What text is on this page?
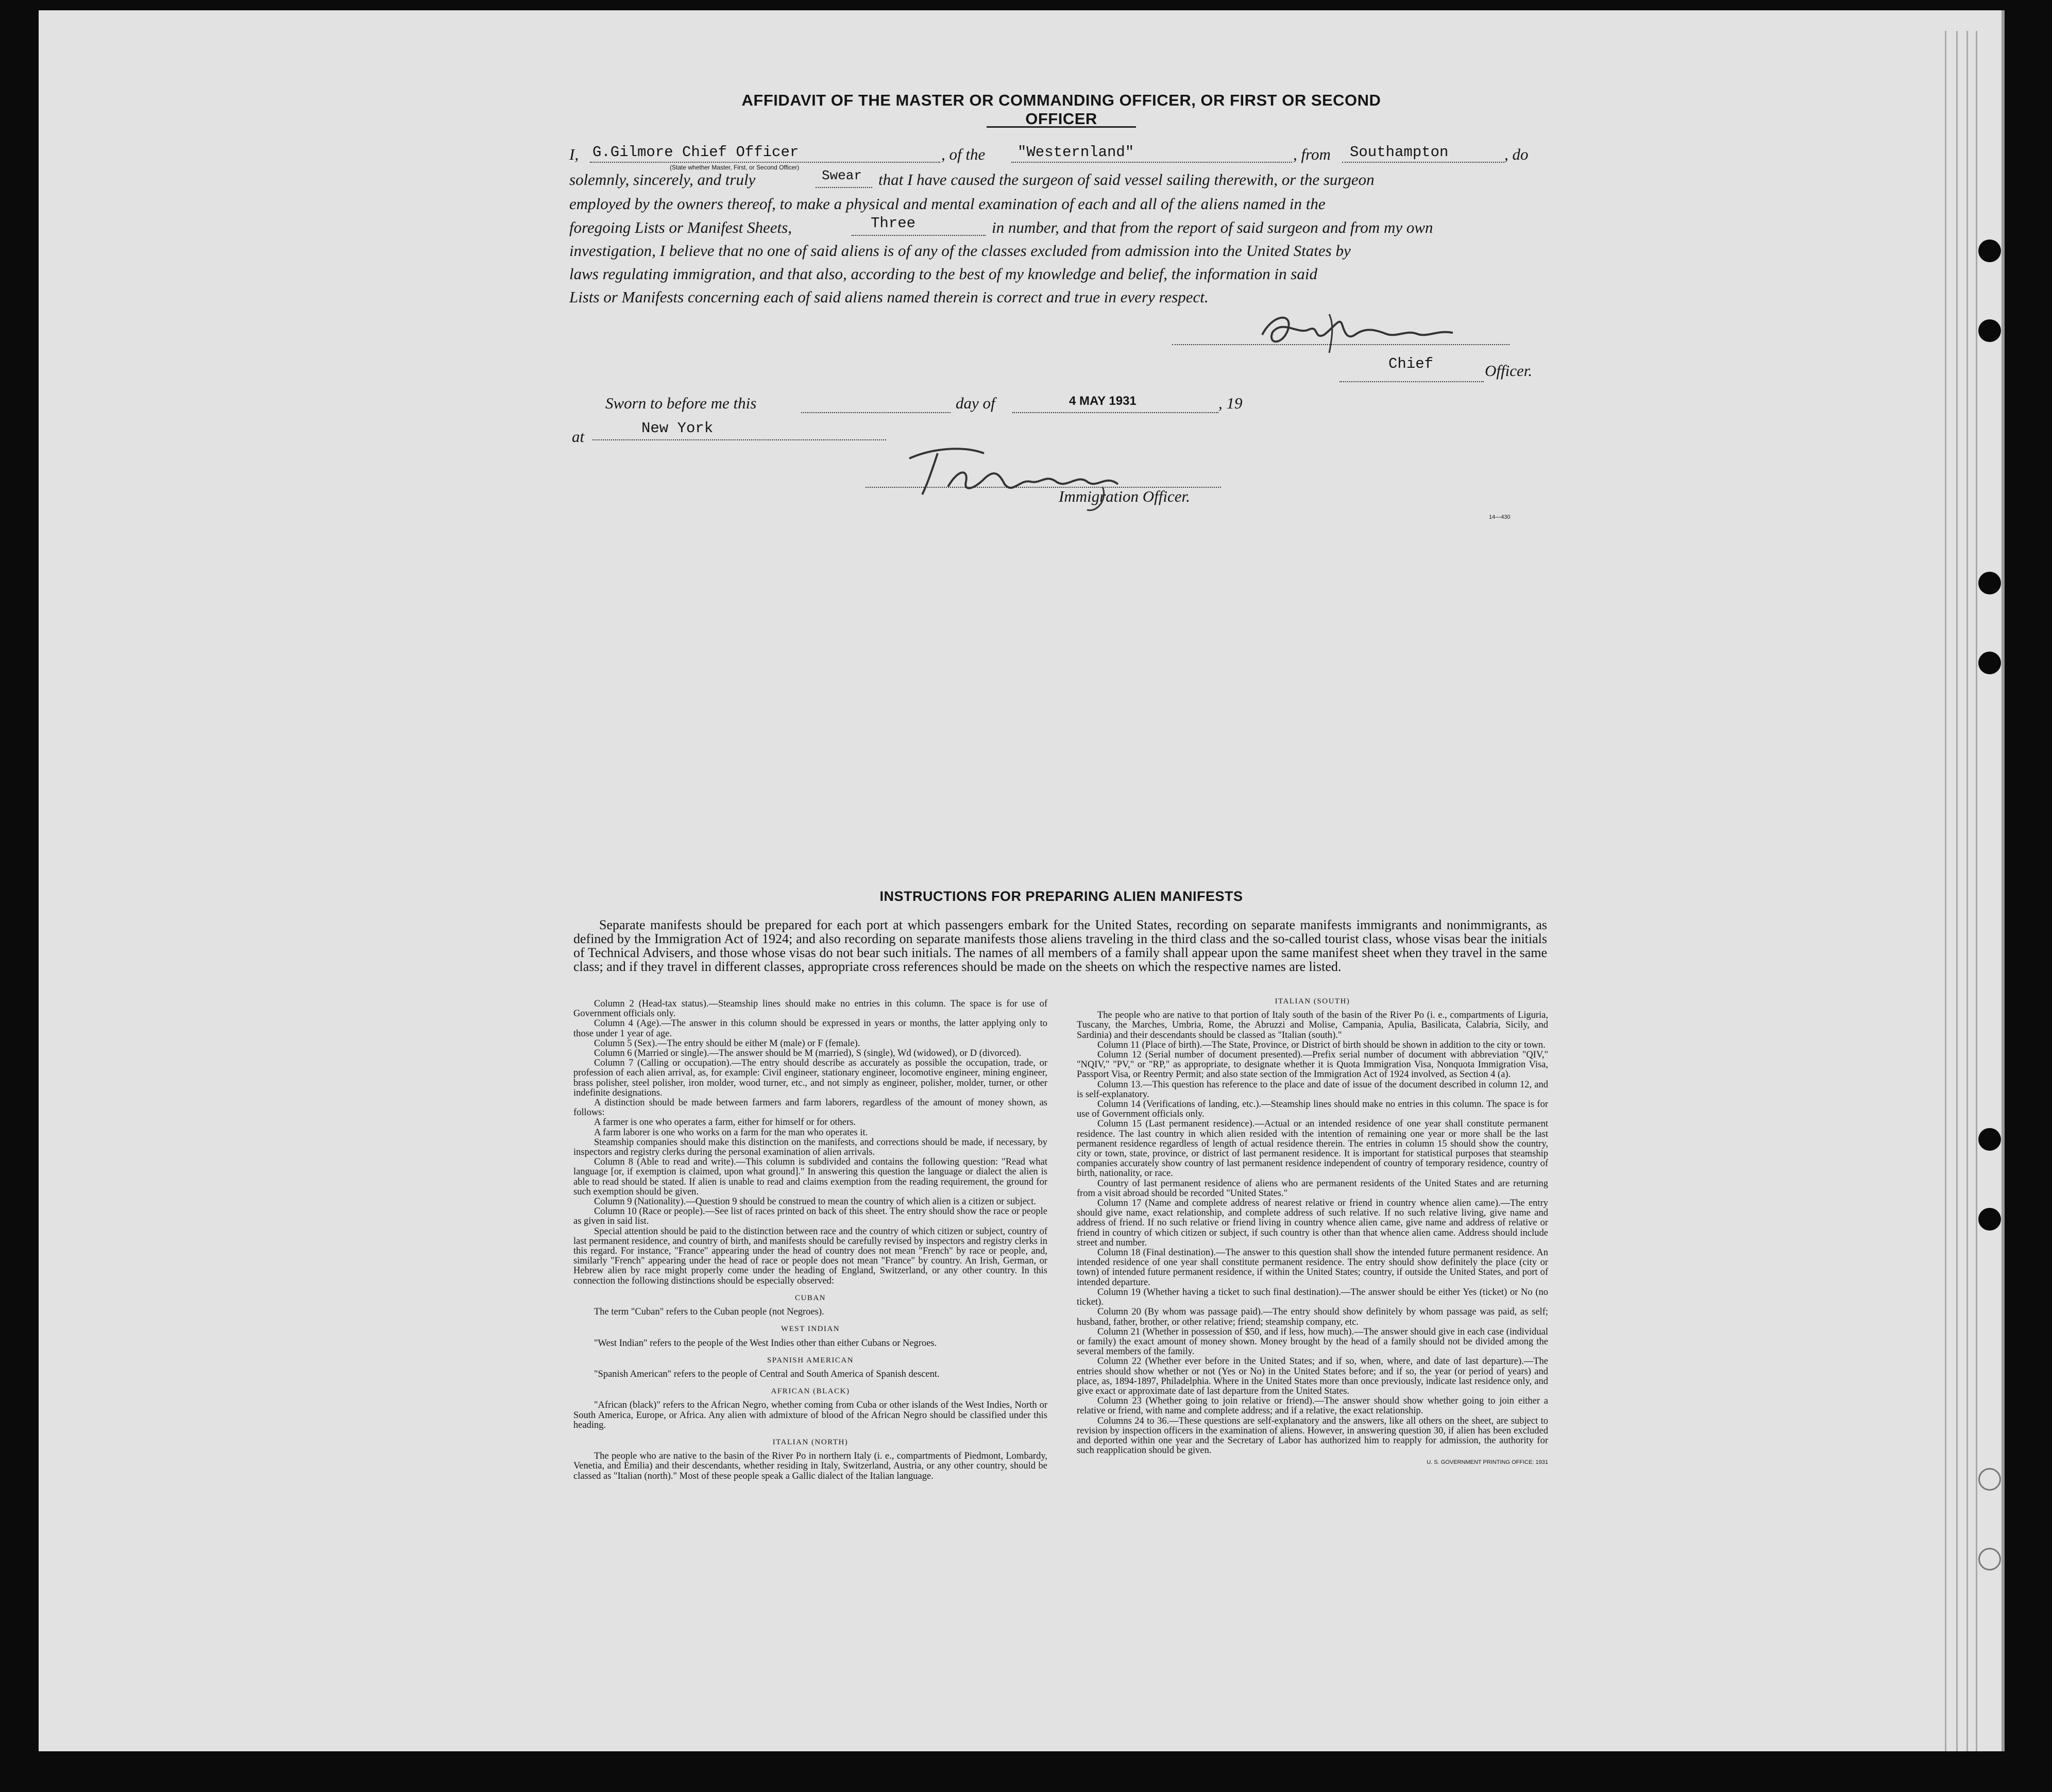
AFFIDAVIT OF THE MASTER OR COMMANDING OFFICER, OR FIRST OR SECOND OFFICER
I, G.Gilmore Chief Officer	, of the "Westernland"	, from Southampton	, do
(State whether Master, First, or Second Officer)
solemnly, sincerely, and truly	Swear that I have caused the surgeon of said vessel sailing therewith, or the surgeon
employed by the owners thereof, to make a physical and mental examination of each and all of the aliens named in the
foregoing Lists or Manifest Sheets,	Three	in number, and that from the report of said surgeon and from my own
investigation, I believe that no one of said aliens is of any of the classes excluded from admission into the United States by
laws regulating immigration, and that also, according to the best of my knowledge and belief, the information in said
Lists or Manifests concerning each of said aliens named therein is correct and true in every respect.
Chief	Officer.
Sworn to before me this	day of	4 MAY 1931	, 19
at	New York
Immigration Officer.
14—430
INSTRUCTIONS FOR PREPARING ALIEN MANIFESTS
Separate manifests should be prepared for each port at which passengers embark for the United States, recording on separate manifests immigrants and nonimmigrants, as defined by the Immigration Act of 1924; and also recording on separate manifests those aliens traveling in the third class and the so-called tourist class, whose visas bear the initials of Technical Advisers, and those whose visas do not bear such initials. The names of all members of a family shall appear upon the same manifest sheet when they travel in the same class; and if they travel in different classes, appropriate cross references should be made on the sheets on which the respective names are listed.

Column 2 (Head-tax status).—Steamship lines should make no entries in this column. The space is for use of Government officials only.

Column 4 (Age).—The answer in this column should be expressed in years or months, the latter applying only to those under 1 year of age.

Column 5 (Sex).—The entry should be either M (male) or F (female).

Column 6 (Married or single).—The answer should be M (married), S (single), Wd (widowed), or D (divorced).

Column 7 (Calling or occupation).—The entry should describe as accurately as possible the occupation, trade, or profession of each alien arrival, as, for example: Civil engineer, stationary engineer, locomotive engineer, mining engineer, brass polisher, steel polisher, iron molder, wood turner, etc., and not simply as engineer, polisher, molder, turner, or other indefinite designations.

A distinction should be made between farmers and farm laborers, regardless of the amount of money shown, as follows:

A farmer is one who operates a farm, either for himself or for others.

A farm laborer is one who works on a farm for the man who operates it.

Steamship companies should make this distinction on the manifests, and corrections should be made, if necessary, by inspectors and registry clerks during the personal examination of alien arrivals.

Column 8 (Able to read and write).—This column is subdivided and contains the following question: "Read what language [or, if exemption is claimed, upon what ground]." In answering this question the language or dialect the alien is able to read should be stated. If alien is unable to read and claims exemption from the reading requirement, the ground for such exemption should be given.

Column 9 (Nationality).—Question 9 should be construed to mean the country of which alien is a citizen or subject.

Column 10 (Race or people).—See list of races printed on back of this sheet. The entry should show the race or people as given in said list.

Special attention should be paid to the distinction between race and the country of which citizen or subject, country of last permanent residence, and country of birth, and manifests should be carefully revised by inspectors and registry clerks in this regard. For instance, "France" appearing under the head of country does not mean "French" by race or people, and, similarly "French" appearing under the head of race or people does not mean "France" by country. An Irish, German, or Hebrew alien by race might properly come under the heading of England, Switzerland, or any other country. In this connection the following distinctions should be especially observed:

CUBAN

The term "Cuban" refers to the Cuban people (not Negroes).

WEST INDIAN

"West Indian" refers to the people of the West Indies other than either Cubans or Negroes.

SPANISH AMERICAN

"Spanish American" refers to the people of Central and South America of Spanish descent.

AFRICAN (BLACK)

"African (black)" refers to the African Negro, whether coming from Cuba or other islands of the West Indies, North or South America, Europe, or Africa. Any alien with admixture of blood of the African Negro should be classified under this heading.

ITALIAN (NORTH)

The people who are native to the basin of the River Po in northern Italy (i. e., compartments of Piedmont, Lombardy, Venetia, and Emilia) and their descendants, whether residing in Italy, Switzerland, Austria, or any other country, should be classed as "Italian (north)." Most of these people speak a Gallic dialect of the Italian language.

ITALIAN (SOUTH)

The people who are native to that portion of Italy south of the basin of the River Po (i. e., compartments of Liguria, Tuscany, the Marches, Umbria, Rome, the Abruzzi and Molise, Campania, Apulia, Basilicata, Calabria, Sicily, and Sardinia) and their descendants should be classed as "Italian (south)."

Column 11 (Place of birth).—The State, Province, or District of birth should be shown in addition to the city or town.

Column 12 (Serial number of document presented).—Prefix serial number of document with abbreviation "QIV," "NQIV," "PV," or "RP," as appropriate, to designate whether it is Quota Immigration Visa, Nonquota Immigration Visa, Passport Visa, or Reentry Permit; and also state section of the Immigration Act of 1924 involved, as Section 4 (a).

Column 13.—This question has reference to the place and date of issue of the document described in column 12, and is self-explanatory.

Column 14 (Verifications of landing, etc.).—Steamship lines should make no entries in this column. The space is for use of Government officials only.

Column 15 (Last permanent residence).—Actual or an intended residence of one year shall constitute permanent residence. The last country in which alien resided with the intention of remaining one year or more shall be the last permanent residence regardless of length of actual residence therein. The entries in column 15 should show the country, city or town, state, province, or district of last permanent residence. It is important for statistical purposes that steamship companies accurately show country of last permanent residence independent of country of temporary residence, country of birth, nationality, or race.

Country of last permanent residence of aliens who are permanent residents of the United States and are returning from a visit abroad should be recorded "United States."

Column 17 (Name and complete address of nearest relative or friend in country whence alien came).—The entry should give name, exact relationship, and complete address of such relative. If no such relative living, give name and address of friend. If no such relative or friend living in country whence alien came, give name and address of relative or friend in country of which citizen or subject, if such country is other than that whence alien came. Address should include street and number.

Column 18 (Final destination).—The answer to this question shall show the intended future permanent residence. An intended residence of one year shall constitute permanent residence. The entry should show definitely the place (city or town) of intended future permanent residence, if within the United States; country, if outside the United States, and port of intended departure.

Column 19 (Whether having a ticket to such final destination).—The answer should be either Yes (ticket) or No (no ticket).

Column 20 (By whom was passage paid).—The entry should show definitely by whom passage was paid, as self; husband, father, brother, or other relative; friend; steamship company, etc.

Column 21 (Whether in possession of $50, and if less, how much).—The answer should give in each case (individual or family) the exact amount of money shown. Money brought by the head of a family should not be divided among the several members of the family.

Column 22 (Whether ever before in the United States; and if so, when, where, and date of last departure).—The entries should show whether or not (Yes or No) in the United States before; and if so, the year (or period of years) and place, as, 1894-1897, Philadelphia. Where in the United States more than once previously, indicate last residence only, and give exact or approximate date of last departure from the United States.

Column 23 (Whether going to join relative or friend).—The answer should show whether going to join either a relative or friend, with name and complete address; and if a relative, the exact relationship.

Columns 24 to 36.—These questions are self-explanatory and the answers, like all others on the sheet, are subject to revision by inspection officers in the examination of aliens. However, in answering question 30, if alien has been excluded and deported within one year and the Secretary of Labor has authorized him to reapply for admission, the authority for such reapplication should be given.

U. S. GOVERNMENT PRINTING OFFICE: 1931
